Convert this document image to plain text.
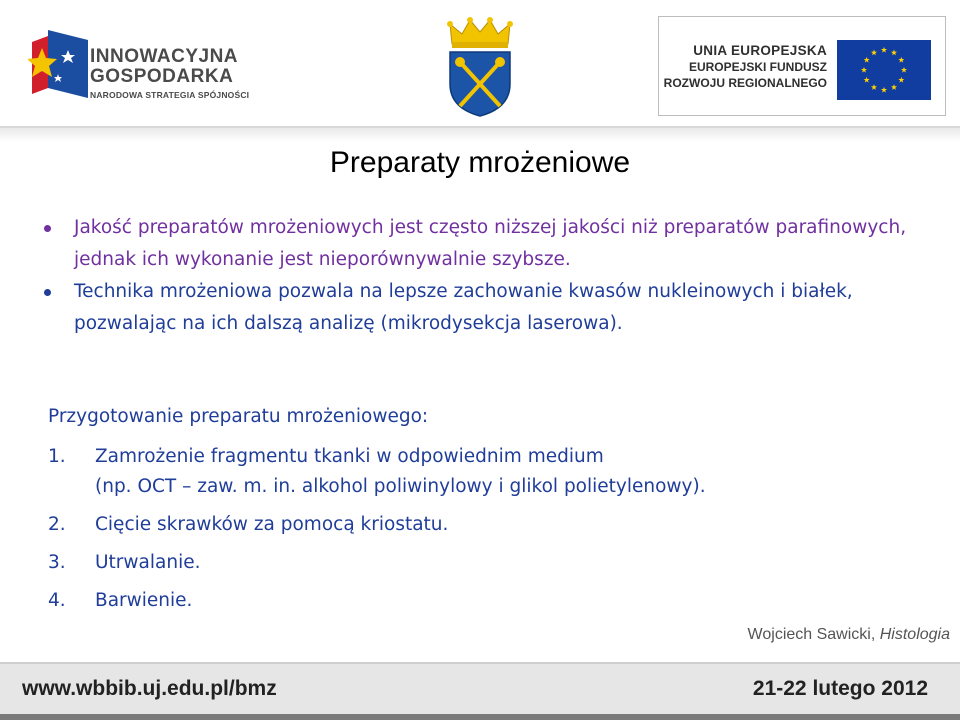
INNOWACYJNA
GOSPODARKA
NARODOWA STRATEGIA SPÓJNOŚCI
UNIA EUROPEJSKA
EUROPEJSKI FUNDUSZ
ROZWOJU REGIONALNEGO
Preparaty mrożeniowe
Jakość preparatów mrożeniowych jest często niższej jakości niż preparatów parafinowych, jednak ich wykonanie jest nieporównywalnie szybsze.
Technika mrożeniowa pozwala na lepsze zachowanie kwasów nukleinowych i białek, pozwalając na ich dalszą analizę (mikrodysekcja laserowa).
Przygotowanie preparatu mrożeniowego:
1. Zamrożenie fragmentu tkanki w odpowiednim medium
(np. OCT – zaw. m. in. alkohol poliwinylowy i glikol polietylenowy).
2. Cięcie skrawków za pomocą kriostatu.
3. Utrwalanie.
4. Barwienie.
Wojciech Sawicki, Histologia
www.wbbib.uj.edu.pl/bmz	21-22 lutego 2012
